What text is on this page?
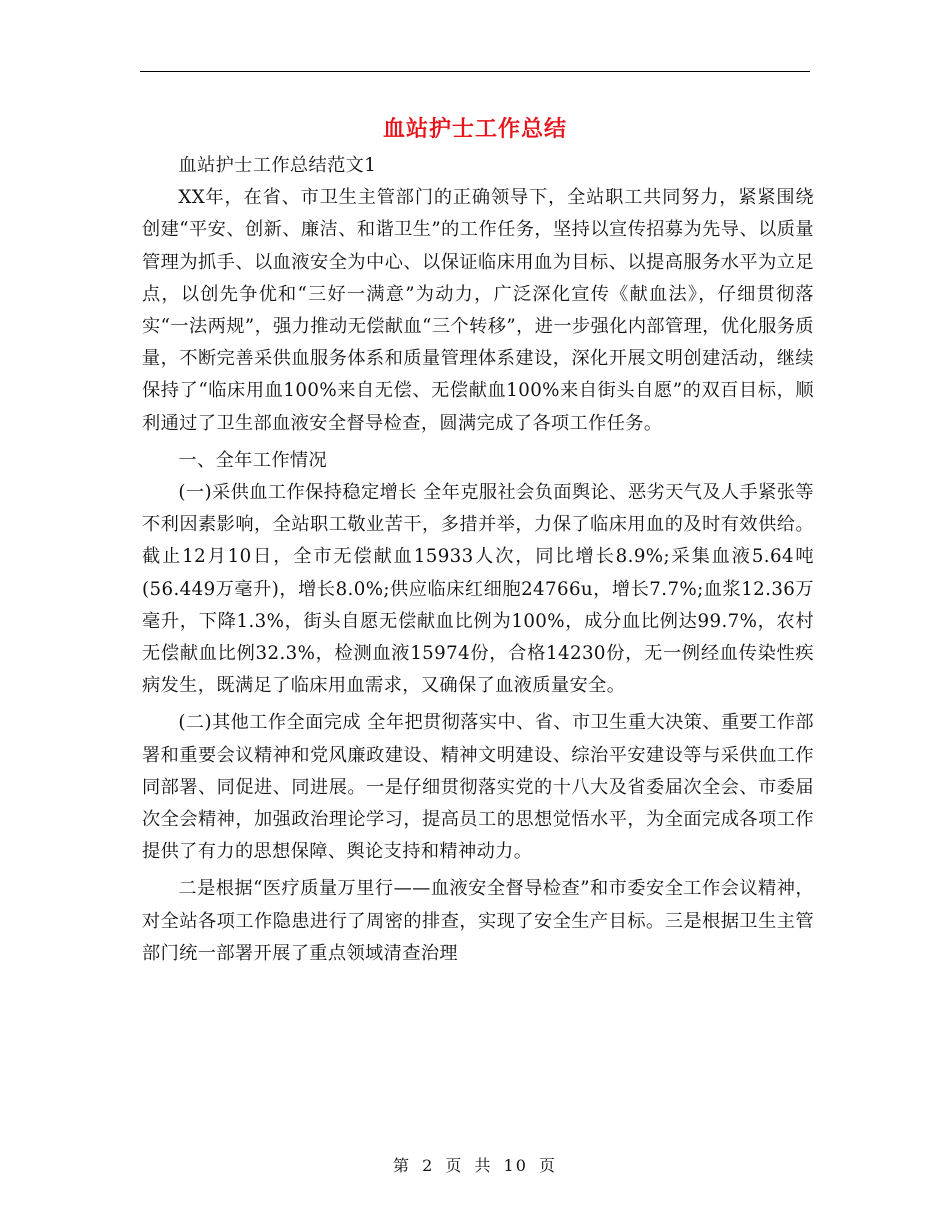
血站护士工作总结

血站护士工作总结范文1

XX年，在省、市卫生主管部门的正确领导下，全站职工共同努力，紧紧围绕创建“平安、创新、廉洁、和谐卫生”的工作任务，坚持以宣传招募为先导、以质量管理为抓手、以血液安全为中心、以保证临床用血为目标、以提高服务水平为立足点，以创先争优和“三好一满意”为动力，广泛深化宣传《献血法》，仔细贯彻落实“一法两规”，强力推动无偿献血“三个转移”，进一步强化内部管理，优化服务质量，不断完善采供血服务体系和质量管理体系建设，深化开展文明创建活动，继续保持了“临床用血100%来自无偿、无偿献血100%来自街头自愿”的双百目标，顺利通过了卫生部血液安全督导检查，圆满完成了各项工作任务。

一、全年工作情况

(一)采供血工作保持稳定增长 全年克服社会负面舆论、恶劣天气及人手紧张等不利因素影响，全站职工敬业苦干，多措并举，力保了临床用血的及时有效供给。截止12月10日，全市无偿献血15933人次，同比增长8.9%;采集血液5.64吨(56.449万毫升)，增长8.0%;供应临床红细胞24766u，增长7.7%;血浆12.36万毫升，下降1.3%，街头自愿无偿献血比例为100%，成分血比例达99.7%，农村无偿献血比例32.3%，检测血液15974份，合格14230份，无一例经血传染性疾病发生，既满足了临床用血需求，又确保了血液质量安全。

(二)其他工作全面完成 全年把贯彻落实中、省、市卫生重大决策、重要工作部署和重要会议精神和党风廉政建设、精神文明建设、综治平安建设等与采供血工作同部署、同促进、同进展。一是仔细贯彻落实党的十八大及省委届次全会、市委届次全会精神，加强政治理论学习，提高员工的思想觉悟水平，为全面完成各项工作提供了有力的思想保障、舆论支持和精神动力。

二是根据“医疗质量万里行——血液安全督导检查”和市委安全工作会议精神，对全站各项工作隐患进行了周密的排查，实现了安全生产目标。三是根据卫生主管部门统一部署开展了重点领域清查治理

第 2 页 共 10 页
